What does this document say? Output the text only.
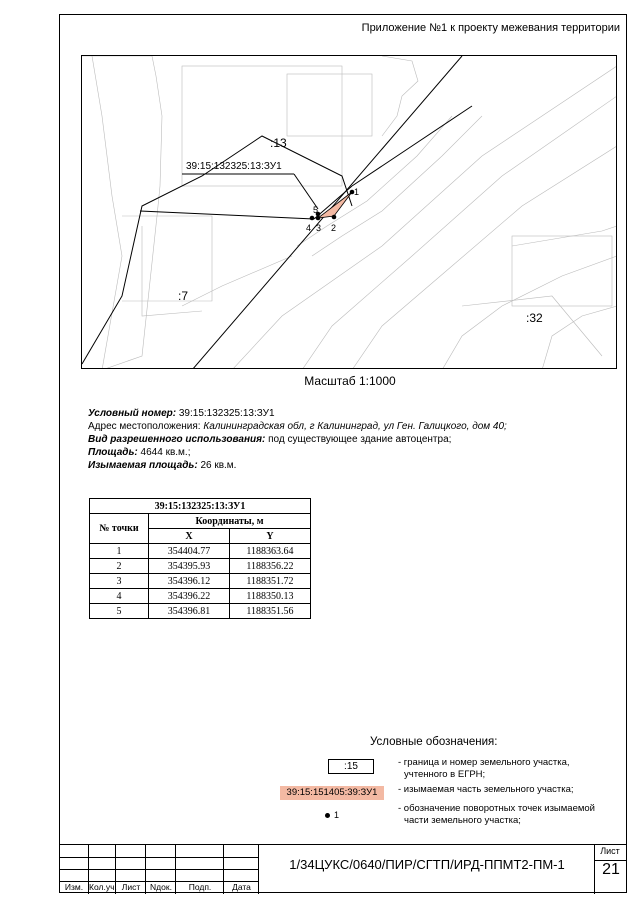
Приложение №1 к проекту межевания территории
:13
:7
:32
39:15:132325:13:ЗУ1
1
2
3
4
5
Масштаб 1:1000
Условный номер: 39:15:132325:13:ЗУ1
Адрес местоположения: Калининградская обл, г Калининград, ул Ген. Галицкого, дом 40;
Вид разрешенного использования: под существующее здание автоцентра;
Площадь: 4644 кв.м.;
Изымаемая площадь: 26 кв.м.
39:15:132325:13:ЗУ1		
№ точки	Координаты, м	
	X	Y
1	354404.77	1188363.64
2	354395.93	1188356.22
3	354396.12	1188351.72
4	354396.22	1188350.13
5	354396.81	1188351.56
Условные обозначения:
:15	- граница и номер земельного участка,
учтенного в ЕГРН;
39:15:151405:39:ЗУ1	- изымаемая часть земельного участка;
1
- обозначение поворотных точек изымаемой
части земельного участка;
Изм. Кол.уч. Лист	Nдок.	Подп.	Дата
1/34ЦУКС/0640/ПИР/СГТП/ИРД-ППМТ2-ПМ-1
Лист
21
